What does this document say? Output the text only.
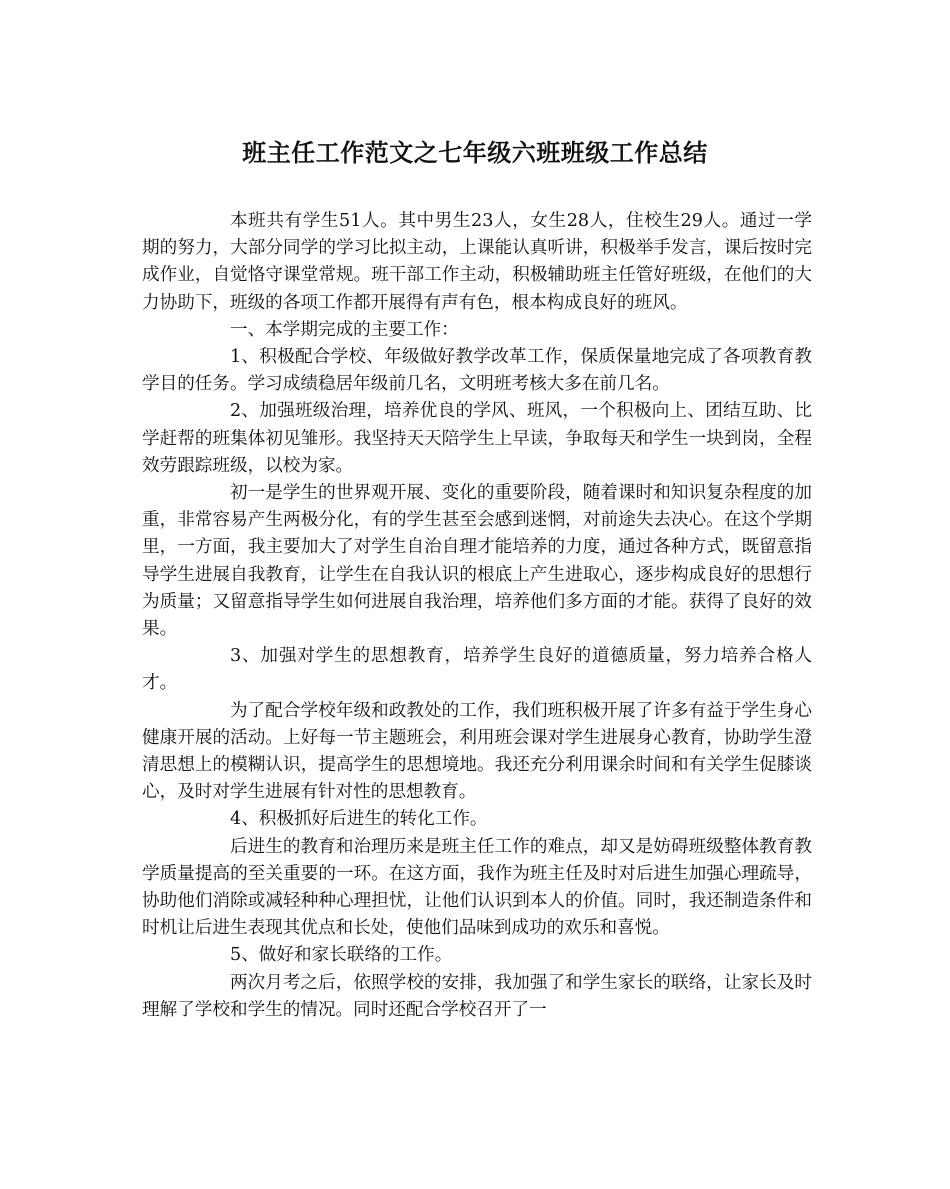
班主任工作范文之七年级六班班级工作总结

本班共有学生51人。其中男生23人，女生28人，住校生29人。通过一学期的努力，大部分同学的学习比拟主动，上课能认真听讲，积极举手发言，课后按时完成作业，自觉恪守课堂常规。班干部工作主动，积极辅助班主任管好班级，在他们的大力协助下，班级的各项工作都开展得有声有色，根本构成良好的班风。

一、本学期完成的主要工作：

1、积极配合学校、年级做好教学改革工作，保质保量地完成了各项教育教学目的任务。学习成绩稳居年级前几名，文明班考核大多在前几名。

2、加强班级治理，培养优良的学风、班风，一个积极向上、团结互助、比学赶帮的班集体初见雏形。我坚持天天陪学生上早读，争取每天和学生一块到岗，全程效劳跟踪班级，以校为家。

初一是学生的世界观开展、变化的重要阶段，随着课时和知识复杂程度的加重，非常容易产生两极分化，有的学生甚至会感到迷惘，对前途失去决心。在这个学期里，一方面，我主要加大了对学生自治自理才能培养的力度，通过各种方式，既留意指导学生进展自我教育，让学生在自我认识的根底上产生进取心，逐步构成良好的思想行为质量；又留意指导学生如何进展自我治理，培养他们多方面的才能。获得了良好的效果。

3、加强对学生的思想教育，培养学生良好的道德质量，努力培养合格人才。

为了配合学校年级和政教处的工作，我们班积极开展了许多有益于学生身心健康开展的活动。上好每一节主题班会，利用班会课对学生进展身心教育，协助学生澄清思想上的模糊认识，提高学生的思想境地。我还充分利用课余时间和有关学生促膝谈心，及时对学生进展有针对性的思想教育。

4、积极抓好后进生的转化工作。

后进生的教育和治理历来是班主任工作的难点，却又是妨碍班级整体教育教学质量提高的至关重要的一环。在这方面，我作为班主任及时对后进生加强心理疏导，协助他们消除或减轻种种心理担忧，让他们认识到本人的价值。同时，我还制造条件和时机让后进生表现其优点和长处，使他们品味到成功的欢乐和喜悦。

5、做好和家长联络的工作。

两次月考之后，依照学校的安排，我加强了和学生家长的联络，让家长及时理解了学校和学生的情况。同时还配合学校召开了一
